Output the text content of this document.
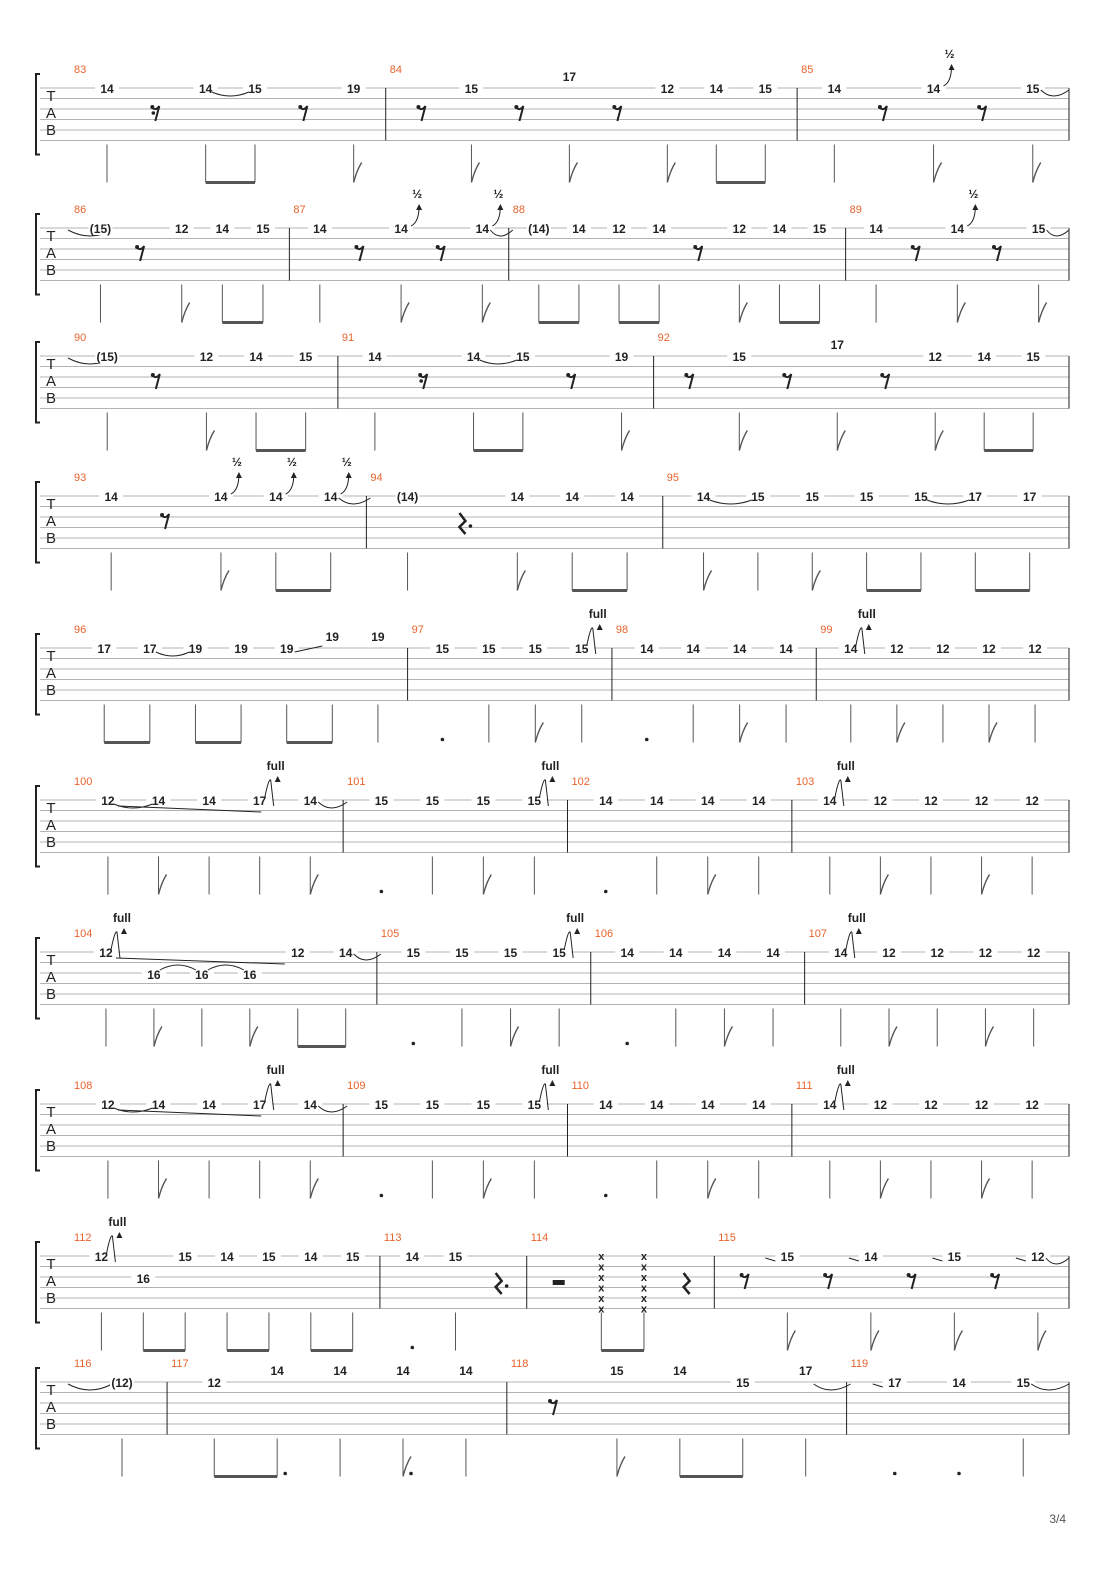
T
A
B
83
14	14	15	19
84
15
17
12	14	15
85
14	14
½
15
T
A
B
86
(15)	12 14 15
87
14	14
½
14
½
88
(14) 14 12 14	12 14 15
89
14	14
½
15
T
A
B
90
(15)	12	14	15
91
14	14	15	19
92
15
17
12	14	15
T
A
B
93
14	14
½
14
½
14
½
94
(14)	14	14	14
95
14	15	15	15	15	17	17
T
A
B
96
17	17	19	19	19
19	19 97
15	15	15	15
full
98
14	14	14	14
99
14
full
12	12	12	12
T
A
B
100
12	14	14	17
full
14
101
15	15	15	15
full
102
14	14	14	14
103
14
full
12	12	12	12
T
A
B
104
12
full
16	16	16
12	14
105
15	15	15	15
full
106
14	14	14	14
107
14
full
12	12	12	12
T
A
B
108
12	14	14	17
full
14
109
15	15	15	15
full
110
14	14	14	14
111
14
full
12	12	12	12
T
A
B
112
12
full
16
15 14 15 14 15
113
14 15
114
x
x
x
x
x
x
x
x
x
x
x
x
115
15	14	15	12
T
A
B
116
(12)
117
12
14	14	14	14	118	15	14
15
17	119
17	14	15
3/4
